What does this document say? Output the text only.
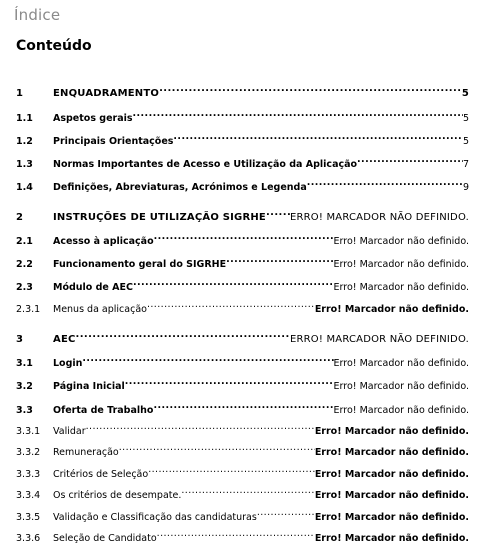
Índice
Conteúdo
1	ENQUADRAMENTO .....	5
1.1	Aspetos gerais .....	5
1.2	Principais Orientações .....	5
1.3	Normas Importantes de Acesso e Utilização da Aplicação .....	7
1.4	Definições, Abreviaturas, Acrónimos e Legenda .....	9
2	INSTRUÇÕES DE UTILIZAÇÃO SIGRHE ..... ERRO! MARCADOR NÃO DEFINIDO.
2.1	Acesso à aplicação .....	Erro! Marcador não definido.
2.2	Funcionamento geral do SIGRHE .....	Erro! Marcador não definido.
2.3	Módulo de AEC .....	Erro! Marcador não definido.
2.3.1	Menus da aplicação .....	Erro! Marcador não definido.
3	AEC .....	ERRO! MARCADOR NÃO DEFINIDO.
3.1	Login .....	Erro! Marcador não definido.
3.2	Página Inicial .....	Erro! Marcador não definido.
3.3	Oferta de Trabalho .....	Erro! Marcador não definido.
3.3.1	Validar .....	Erro! Marcador não definido.
3.3.2	Remuneração .....	Erro! Marcador não definido.
3.3.3	Critérios de Seleção .....	Erro! Marcador não definido.
3.3.4	Os critérios de desempate. .....	Erro! Marcador não definido.
3.3.5	Validação e Classificação das candidaturas .....	Erro! Marcador não definido.
3.3.6	Seleção de Candidato .....	Erro! Marcador não definido.
